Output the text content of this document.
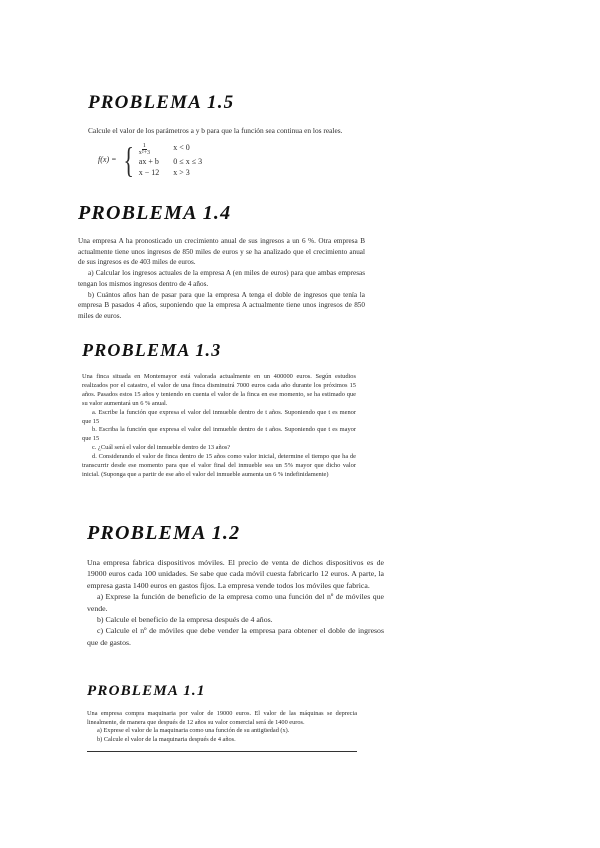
PROBLEMA 1.5

Calcule el valor de los parámetros a y b para que la función sea continua en los reales.

f(x) = { $\frac{1}{\text{x²+3}}$	x < 0
ax + b 0 ≤ x ≤ 3
x − 12 x > 3
PROBLEMA 1.4

Una empresa A ha pronosticado un crecimiento anual de sus ingresos a un 6 %. Otra empresa B actualmente tiene unos ingresos de 850 miles de euros y se ha analizado que el crecimiento anual de sus ingresos es de 403 miles de euros.

a) Calcular los ingresos actuales de la empresa A (en miles de euros) para que ambas empresas tengan los mismos ingresos dentro de 4 años.

b) Cuántos años han de pasar para que la empresa A tenga el doble de ingresos que tenía la empresa B pasados 4 años, suponiendo que la empresa A actualmente tiene unos ingresos de 850 miles de euros.

PROBLEMA 1.3

Una finca situada en Montemayor está valorada actualmente en un 400000 euros. Según estudios realizados por el catastro, el valor de una finca disminuirá 7000 euros cada año durante los próximos 15 años. Pasados estos 15 años y teniendo en cuenta el valor de la finca en ese momento, se ha estimado que su valor aumentará un 6 % anual.

a. Escribe la función que expresa el valor del inmueble dentro de t años. Suponiendo que t es menor que 15

b. Escriba la función que expresa el valor del inmueble dentro de t años. Suponiendo que t es mayor que 15

c. ¿Cuál será el valor del inmueble dentro de 13 años?

d. Considerando el valor de finca dentro de 15 años como valor inicial, determine el tiempo que ha de transcurrir desde ese momento para que el valor final del inmueble sea un 5% mayor que dicho valor inicial. (Suponga que a partir de ese año el valor del inmueble aumenta un 6 % indefinidamente)

PROBLEMA 1.2

Una empresa fabrica dispositivos móviles. El precio de venta de dichos dispositivos es de 19000 euros cada 100 unidades. Se sabe que cada móvil cuesta fabricarlo 12 euros. A parte, la empresa gasta 1400 euros en gastos fijos. La empresa vende todos los móviles que fabrica.

a) Exprese la función de beneficio de la empresa como una función del nº de móviles que vende.

b) Calcule el beneficio de la empresa después de 4 años.

c) Calcule el nº de móviles que debe vender la empresa para obtener el doble de ingresos que de gastos.

PROBLEMA 1.1

Una empresa compra maquinaria por valor de 19000 euros. El valor de las máquinas se deprecia linealmente, de manera que después de 12 años su valor comercial será de 1400 euros.

a) Exprese el valor de la maquinaria como una función de su antigüedad (x).

b) Calcule el valor de la maquinaria después de 4 años.
